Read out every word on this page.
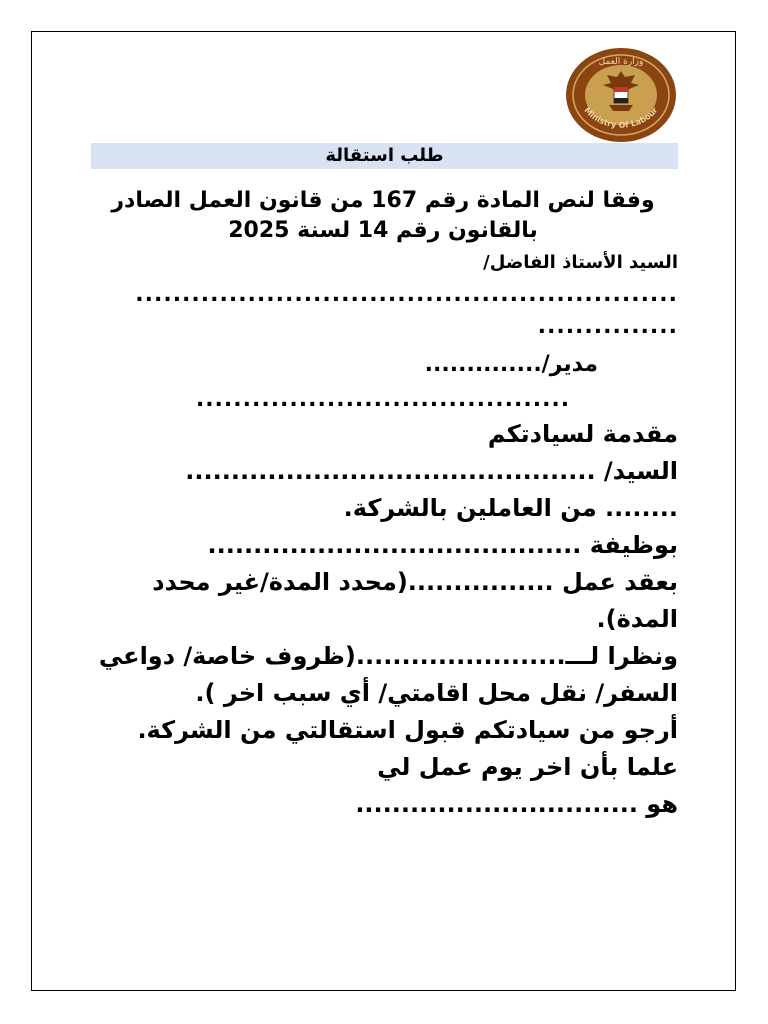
وزارة العمل
Ministry Of Labour
طلب استقالة

وفقا لنص المادة رقم 167 من قانون العمل الصادر بالقانون رقم 14 لسنة 2025

السيد الأستاذ الفاضل/

..........................................................

...............

مدير/..............

........................................

مقدمة لسيادتكم

السيد/ .............................................

........ من العاملين بالشركة.

بوظيفة .........................................

بعقد عمل ................(محدد المدة/غير محدد المدة).

ونظرا لـــ.......................(ظروف خاصة/ دواعي السفر/ نقل محل اقامتي/ أي سبب اخر ).

أرجو من سيادتكم قبول استقالتي من الشركة.

علما بأن اخر يوم عمل لي

هو ...............................
